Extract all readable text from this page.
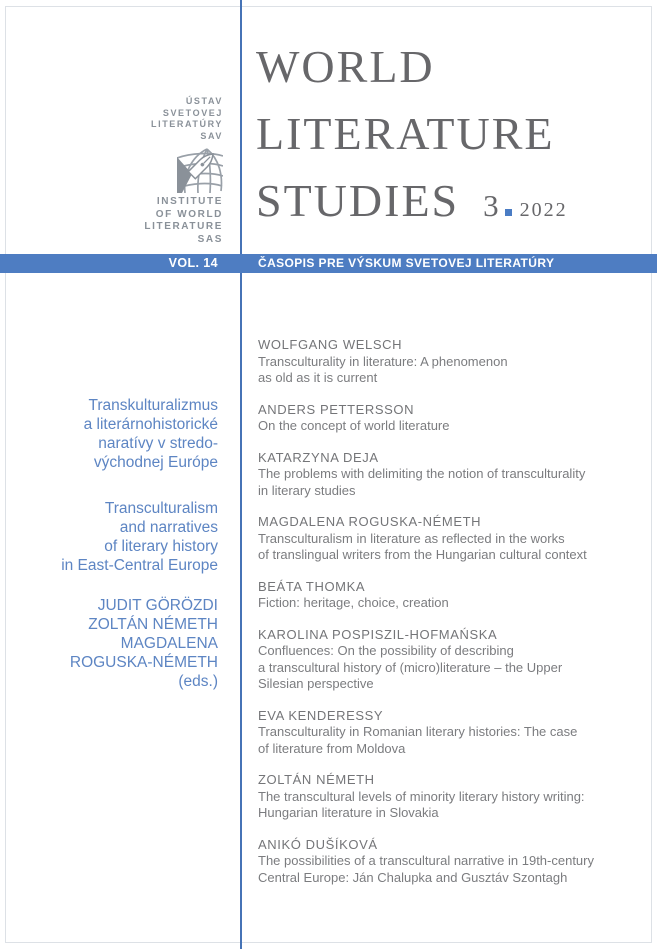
ÚSTAV
SVETOVEJ
LITERATÚRY
SAV
INSTITUTE
OF WORLD
LITERATURE
SAS
WORLD
LITERATURE
STUDIES 3 2022
VOL. 14	ČASOPIS PRE VÝSKUM SVETOVEJ LITERATÚRY
Transkulturalizmus
a literárnohistorické
naratívy v stredo-
východnej Európe
Transculturalism
and narratives
of literary history
in East-Central Europe
JUDIT GÖRÖZDI
ZOLTÁN NÉMETH
MAGDALENA
ROGUSKA-NÉMETH
(eds.)
WOLFGANG WELSCH
Transculturality in literature: A phenomenon
as old as it is current
ANDERS PETTERSSON
On the concept of world literature
KATARZYNA DEJA
The problems with delimiting the notion of transculturality
in literary studies
MAGDALENA ROGUSKA-NÉMETH
Transculturalism in literature as reflected in the works
of translingual writers from the Hungarian cultural context
BEÁTA THOMKA
Fiction: heritage, choice, creation
KAROLINA POSPISZIL-HOFMAŃSKA
Confluences: On the possibility of describing
a transcultural history of (micro)literature – the Upper
Silesian perspective
EVA KENDERESSY
Transculturality in Romanian literary histories: The case
of literature from Moldova
ZOLTÁN NÉMETH
The transcultural levels of minority literary history writing:
Hungarian literature in Slovakia
ANIKÓ DUŠÍKOVÁ
The possibilities of a transcultural narrative in 19th-century
Central Europe: Ján Chalupka and Gusztáv Szontagh
